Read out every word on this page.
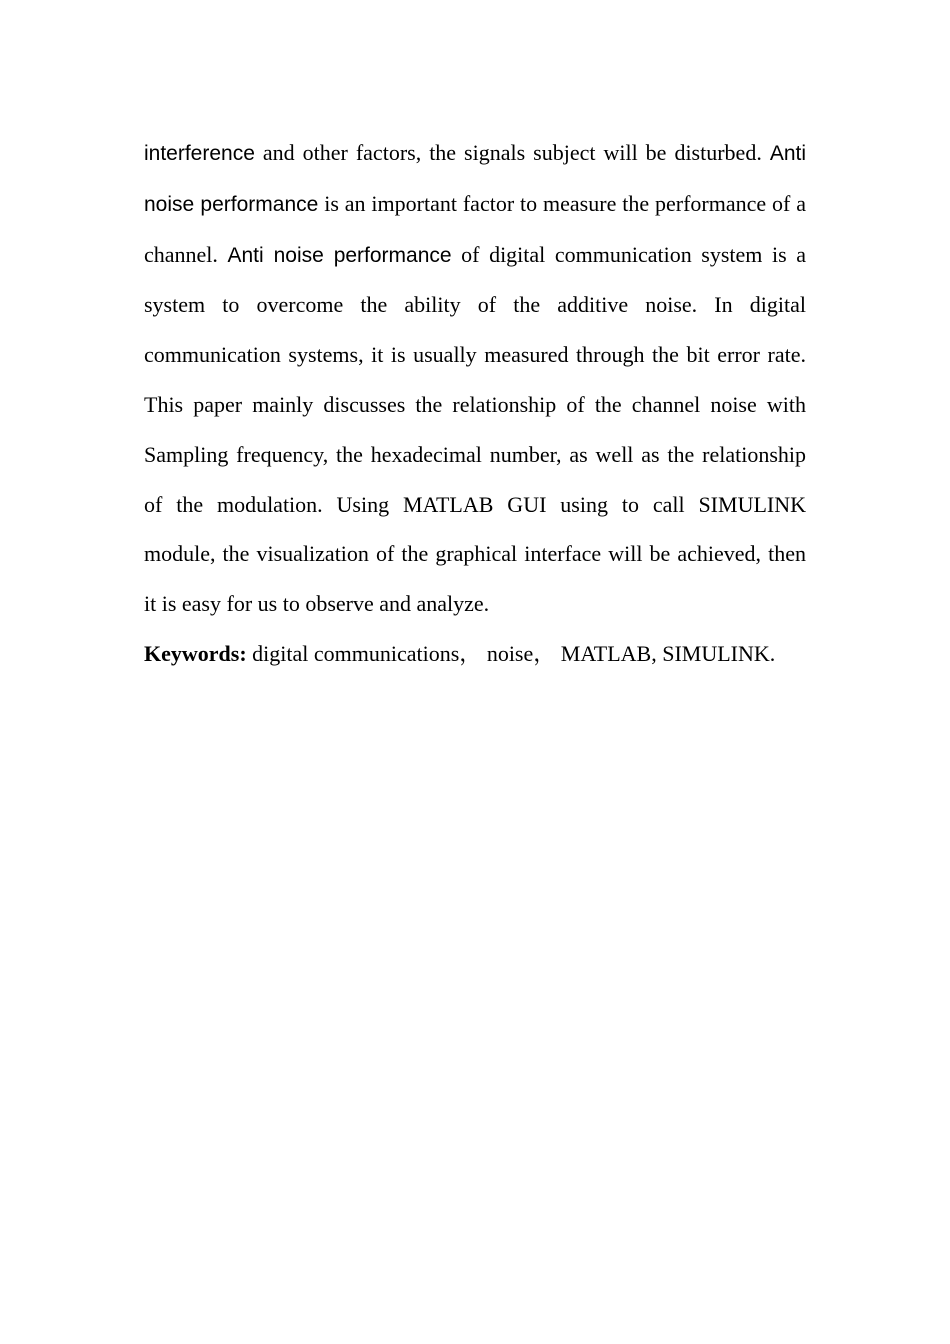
interference and other factors, the signals subject will be disturbed. Anti noise performance is an important factor to measure the performance of a channel. Anti noise performance of digital communication system is a system to overcome the ability of the additive noise. In digital communication systems, it is usually measured through the bit error rate. This paper mainly discusses the relationship of the channel noise with Sampling frequency, the hexadecimal number, as well as the relationship of the modulation. Using MATLAB GUI using to call SIMULINK module, the visualization of the graphical interface will be achieved, then it is easy for us to observe and analyze.

Keywords: digital communications， noise， MATLAB, SIMULINK.
